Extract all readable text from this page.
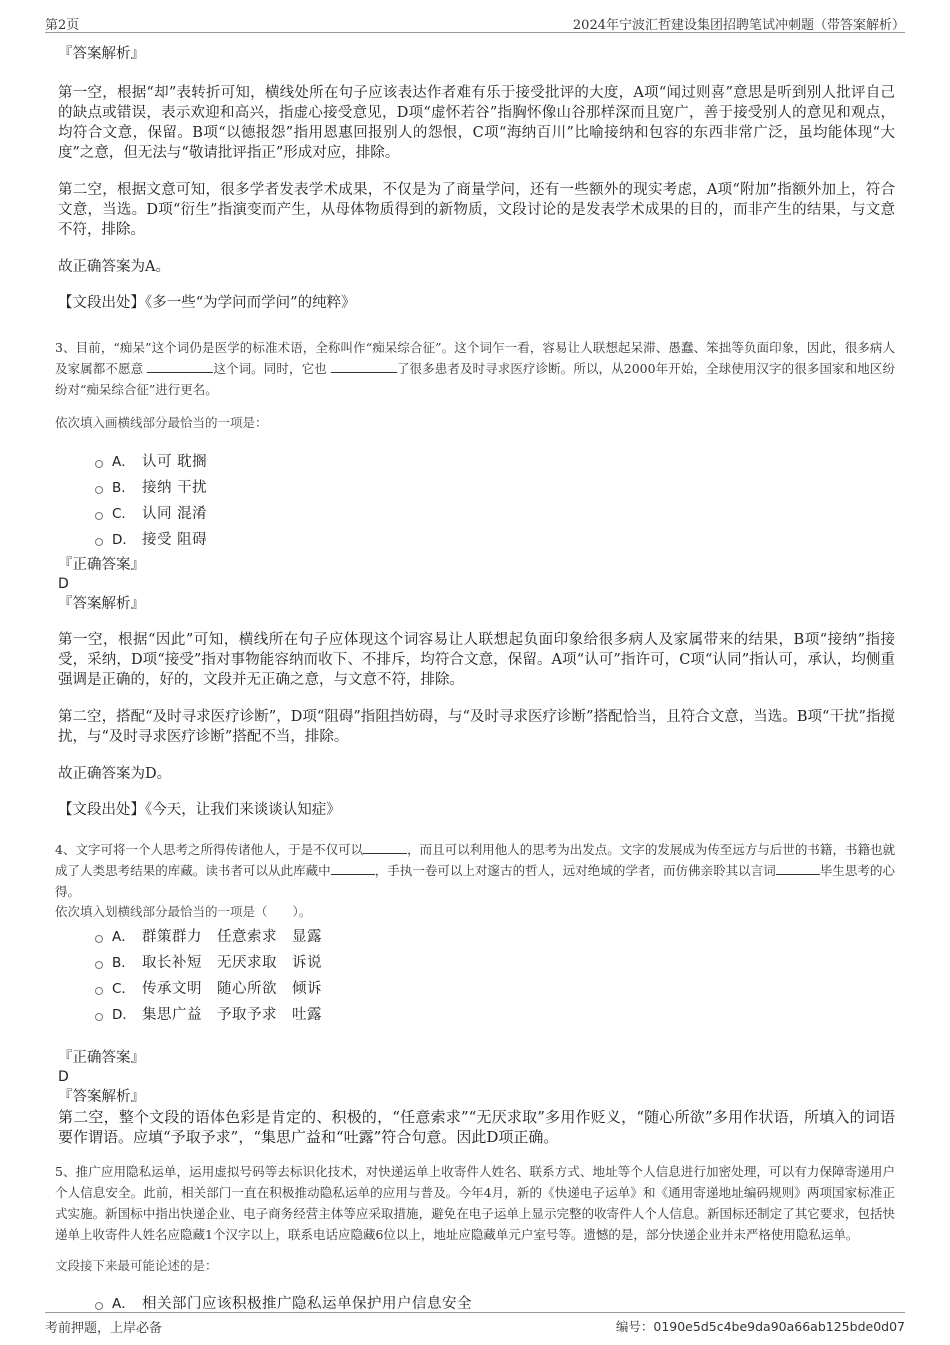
第2页	2024年宁波汇哲建设集团招聘笔试冲刺题（带答案解析）
『答案解析』
第一空，根据“却”表转折可知，横线处所在句子应该表达作者难有乐于接受批评的大度，A项“闻过则喜”意思是听到别人批评自己的缺点或错误，表示欢迎和高兴，指虚心接受意见，D项“虚怀若谷”指胸怀像山谷那样深而且宽广，善于接受别人的意见和观点，均符合文意，保留。B项“以德报怨”指用恩惠回报别人的怨恨，C项“海纳百川”比喻接纳和包容的东西非常广泛，虽均能体现“大度”之意，但无法与“敬请批评指正”形成对应，排除。
第二空，根据文意可知，很多学者发表学术成果，不仅是为了商量学问，还有一些额外的现实考虑，A项“附加”指额外加上，符合文意，当选。D项“衍生”指演变而产生，从母体物质得到的新物质，文段讨论的是发表学术成果的目的，而非产生的结果，与文意不符，排除。
故正确答案为A。
【文段出处】《多一些“为学问而学问”的纯粹》
3、目前，“痴呆”这个词仍是医学的标准术语，全称叫作“痴呆综合征”。这个词乍一看，容易让人联想起呆滞、愚蠢、笨拙等负面印象，因此，很多病人及家属都不愿意	这个词。同时，它也	了很多患者及时寻求医疗诊断。所以，从2000年开始，全球使用汉字的很多国家和地区纷纷对“痴呆综合征”进行更名。
依次填入画横线部分最恰当的一项是：
A． 认可 耽搁
B． 接纳 干扰
C． 认同 混淆
D． 接受 阻碍
『正确答案』
D
『答案解析』
第一空，根据“因此”可知，横线所在句子应体现这个词容易让人联想起负面印象给很多病人及家属带来的结果，B项“接纳”指接受，采纳，D项“接受”指对事物能容纳而收下、不排斥，均符合文意，保留。A项“认可”指许可，C项“认同”指认可，承认，均侧重强调是正确的，好的，文段并无正确之意，与文意不符，排除。
第二空，搭配“及时寻求医疗诊断”，D项“阻碍”指阻挡妨碍，与“及时寻求医疗诊断”搭配恰当，且符合文意，当选。B项“干扰”指搅扰，与“及时寻求医疗诊断”搭配不当，排除。
故正确答案为D。
【文段出处】《今天，让我们来谈谈认知症》
4、文字可将一个人思考之所得传诸他人，于是不仅可以	，而且可以利用他人的思考为出发点。文字的发展成为传至远方与后世的书籍，书籍也就成了人类思考结果的库藏。读书者可以从此库藏中	，手执一卷可以上对邃古的哲人，远对绝域的学者，而仿佛亲聆其以言词	毕生思考的心得。
依次填入划横线部分最恰当的一项是（　　）。
A． 群策群力　任意索求　显露
B． 取长补短　无厌求取　诉说
C． 传承文明　随心所欲　倾诉
D． 集思广益　予取予求　吐露
『正确答案』
D
『答案解析』
第二空，整个文段的语体色彩是肯定的、积极的，“任意索求”“无厌求取”多用作贬义，“随心所欲”多用作状语，所填入的词语要作谓语。应填“予取予求”，“集思广益和“吐露”符合句意。因此D项正确。
5、推广应用隐私运单，运用虚拟号码等去标识化技术，对快递运单上收寄件人姓名、联系方式、地址等个人信息进行加密处理，可以有力保障寄递用户个人信息安全。此前，相关部门一直在积极推动隐私运单的应用与普及。今年4月，新的《快递电子运单》和《通用寄递地址编码规则》两项国家标准正式实施。新国标中指出快递企业、电子商务经营主体等应采取措施，避免在电子运单上显示完整的收寄件人个人信息。新国标还制定了其它要求，包括快递单上收寄件人姓名应隐藏1个汉字以上，联系电话应隐藏6位以上，地址应隐藏单元户室号等。遗憾的是，部分快递企业并未严格使用隐私运单。
文段接下来最可能论述的是：
A． 相关部门应该积极推广隐私运单保护用户信息安全
考前押题，上岸必备	编号：0190e5d5c4be9da90a66ab125bde0d07
